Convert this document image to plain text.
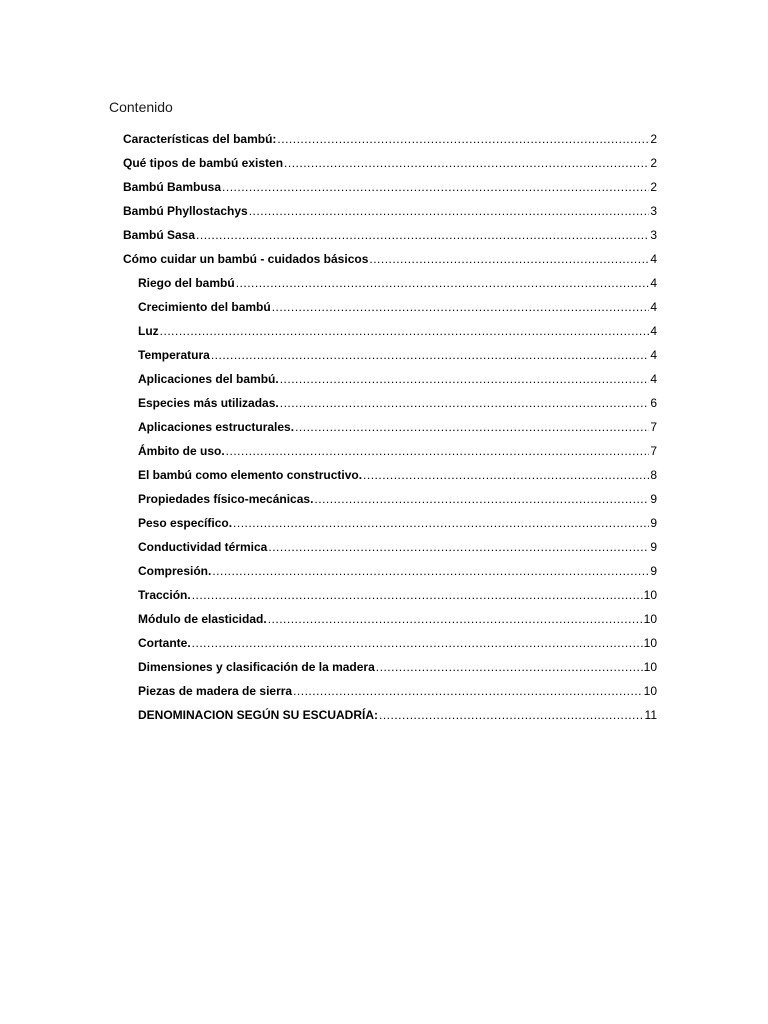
Contenido
Características del bambú: .....	2
Qué tipos de bambú existen .....	2
Bambú Bambusa .....	2
Bambú Phyllostachys .....	3
Bambú Sasa .....	3
Cómo cuidar un bambú - cuidados básicos .....	4
Riego del bambú .....	4
Crecimiento del bambú .....	4
Luz .....	4
Temperatura .....	4
Aplicaciones del bambú. .....	4
Especies más utilizadas. .....	6
Aplicaciones estructurales. .....	7
Ámbito de uso. .....	7
El bambú como elemento constructivo. .....	8
Propiedades físico-mecánicas. .....	9
Peso específico. .....	9
Conductividad térmica .....	9
Compresión. .....	9
Tracción. .....	10
Módulo de elasticidad. .....	10
Cortante. .....	10
Dimensiones y clasificación de la madera .....	10
Piezas de madera de sierra .....	10
DENOMINACION SEGÚN SU ESCUADRÍA: .....	11
